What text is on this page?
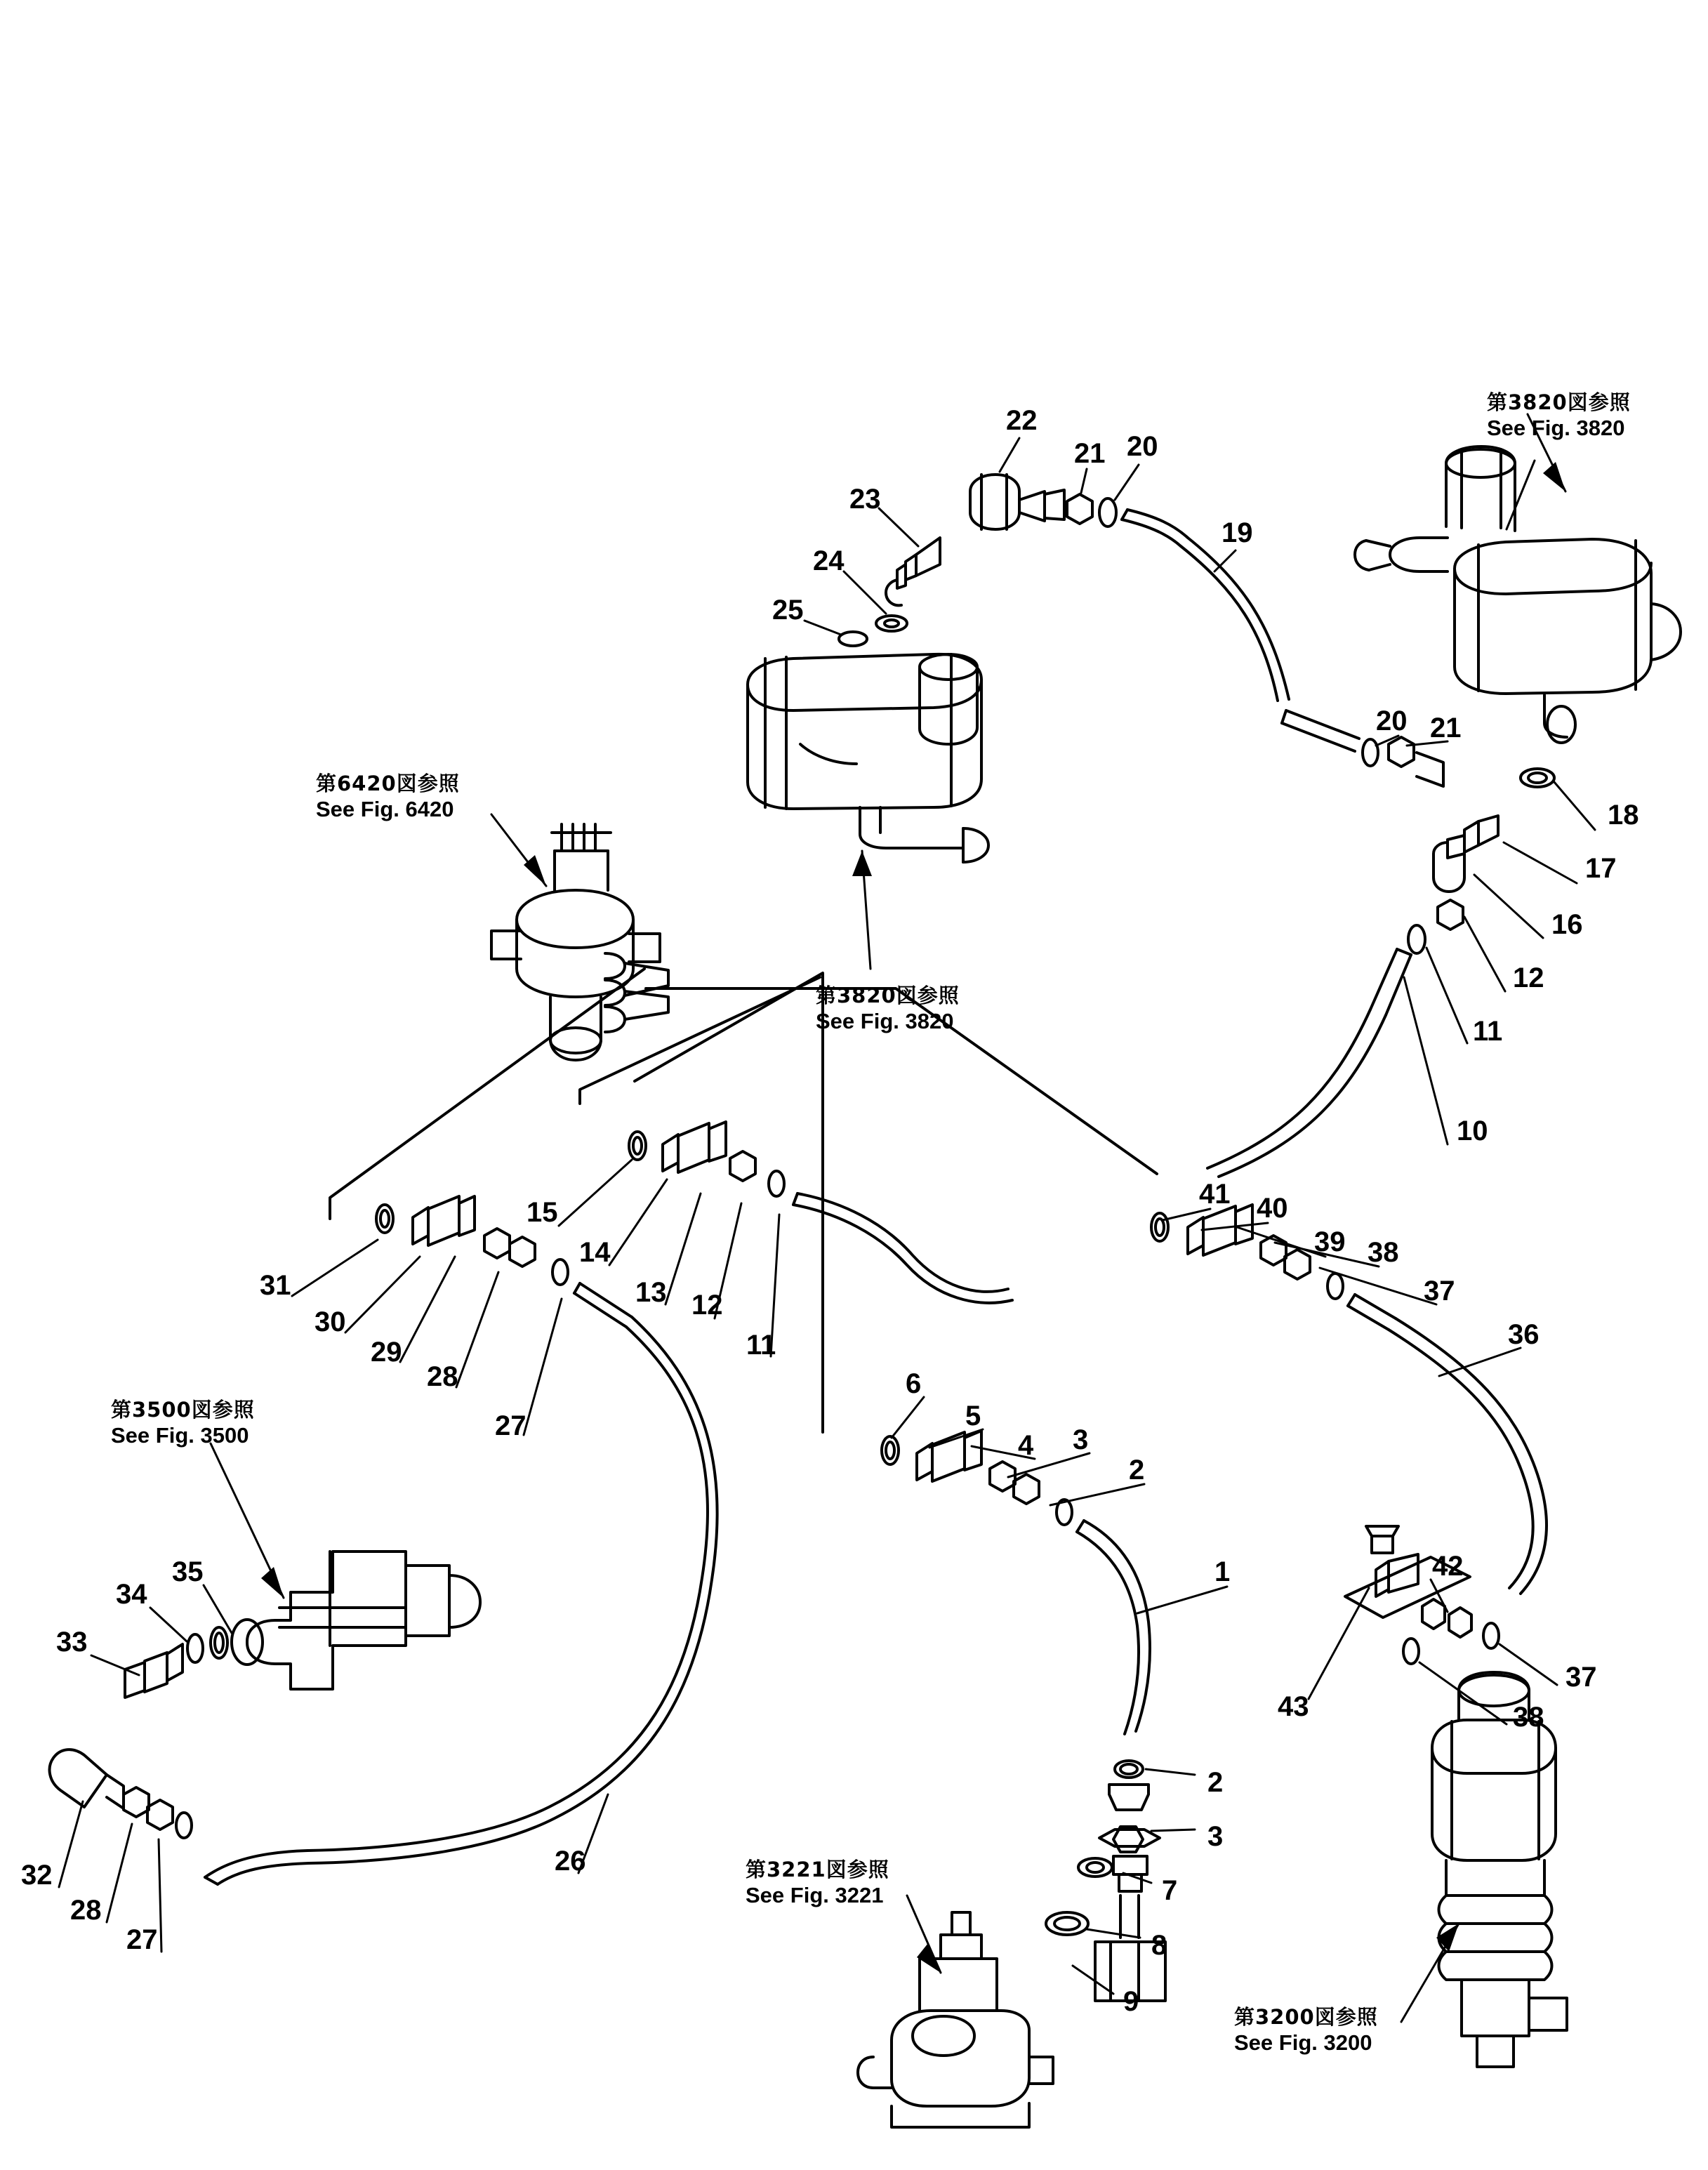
22
21 20
23
24
25
19
20 21
18
17
16
12
11
10
15
14
13 12
11
31
30
29
28
27
41 40
39 38
37
36
6
5
4 3
2
1
35
34
33
32
28
27
26
2
3
7
8
9
42
43
37
38
第3820図参照
See Fig. 3820
第6420図参照
See Fig. 6420
第3820図参照
See Fig. 3820
第3500図参照
See Fig. 3500
第3221図参照
See Fig. 3221
第3200図参照
See Fig. 3200
